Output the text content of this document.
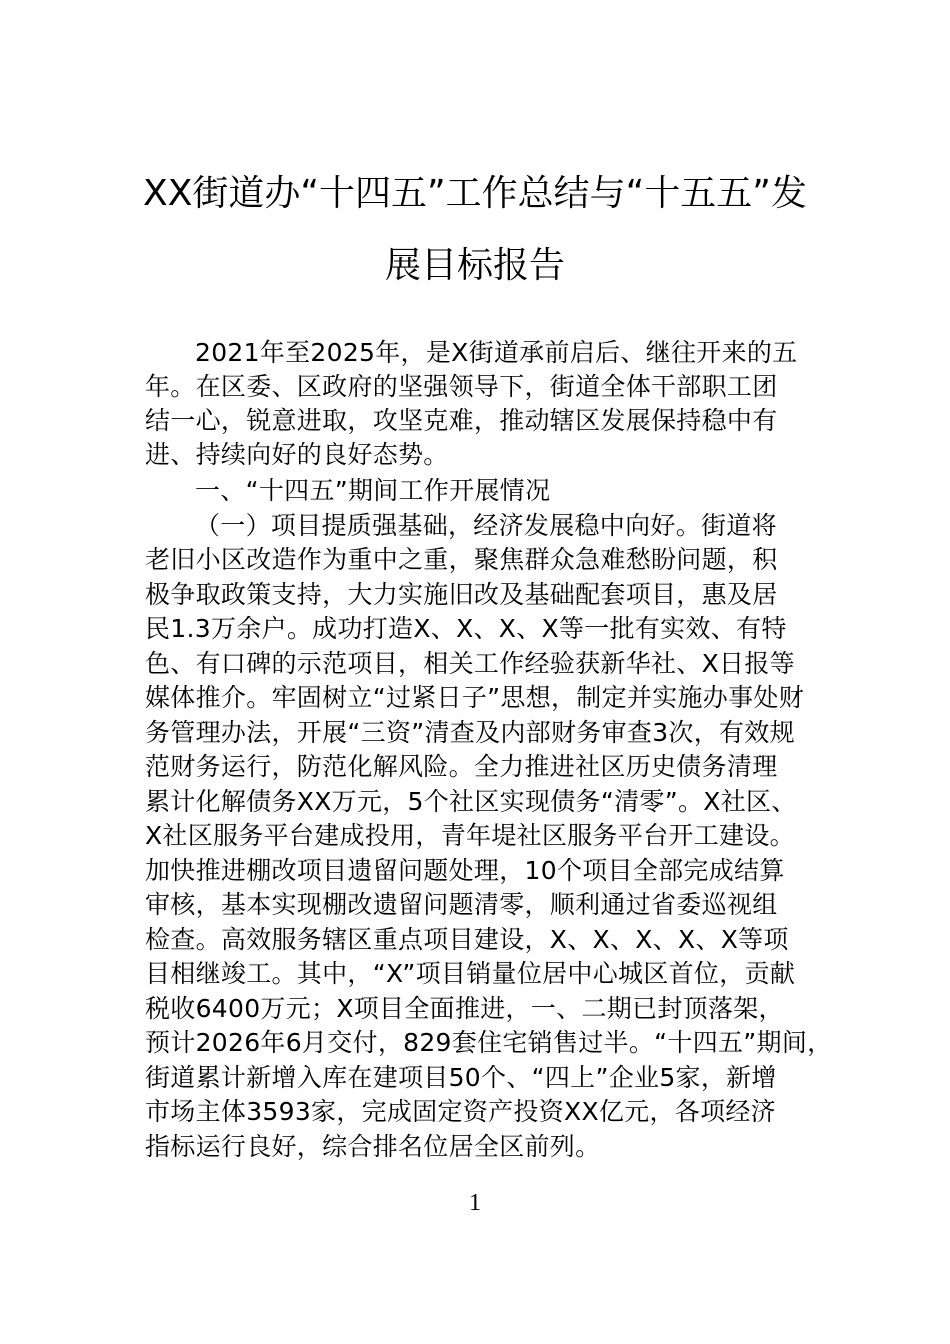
XX街道办“十四五”工作总结与“十五五”发
展目标报告
2021年至2025年，是X街道承前启后、继往开来的五
年。在区委、区政府的坚强领导下，街道全体干部职工团
结一心，锐意进取，攻坚克难，推动辖区发展保持稳中有
进、持续向好的良好态势。
一、“十四五”期间工作开展情况
（一）项目提质强基础，经济发展稳中向好。街道将
老旧小区改造作为重中之重，聚焦群众急难愁盼问题，积
极争取政策支持，大力实施旧改及基础配套项目，惠及居
民1.3万余户。成功打造X、X、X、X等一批有实效、有特
色、有口碑的示范项目，相关工作经验获新华社、X日报等
媒体推介。牢固树立“过紧日子”思想，制定并实施办事处财
务管理办法，开展“三资”清查及内部财务审查3次，有效规
范财务运行，防范化解风险。全力推进社区历史债务清理
累计化解债务XX万元，5个社区实现债务“清零”。X社区、
X社区服务平台建成投用，青年堤社区服务平台开工建设。
加快推进棚改项目遗留问题处理，10个项目全部完成结算
审核，基本实现棚改遗留问题清零，顺利通过省委巡视组
检查。高效服务辖区重点项目建设，X、X、X、X、X等项
目相继竣工。其中，“X”项目销量位居中心城区首位，贡献
税收6400万元；X项目全面推进，一、二期已封顶落架，
预计2026年6月交付，829套住宅销售过半。“十四五”期间，
街道累计新增入库在建项目50个、“四上”企业5家，新增
市场主体3593家，完成固定资产投资XX亿元，各项经济
指标运行良好，综合排名位居全区前列。
1
